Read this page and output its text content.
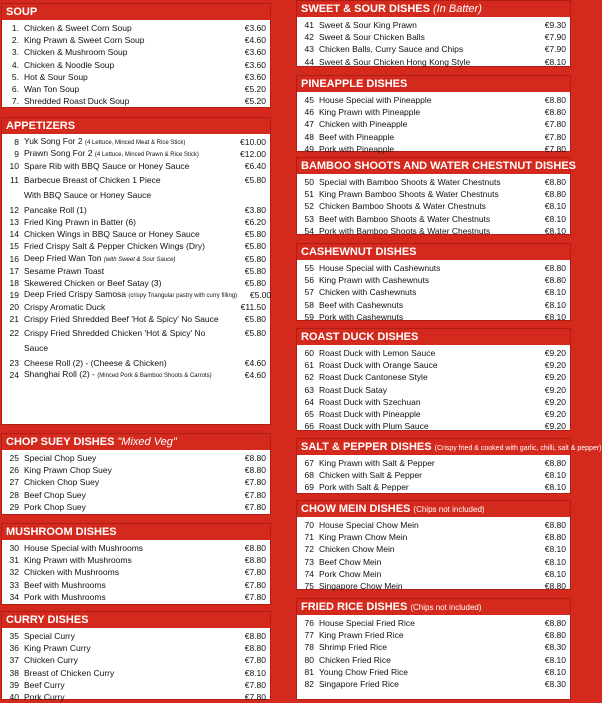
SOUP
1. Chicken & Sweet Corn Soup	€3.60
2. King Prawn & Sweet Corn Soup	€4.60
3. Chicken & Mushroom Soup	€3.60
4. Chicken & Noodle Soup	€3.60
5. Hot & Sour Soup	€3.60
6. Wan Ton Soup	€5.20
7. Shredded Roast Duck Soup	€5.20
APPETIZERS
8 Yuk Song For 2 (4 Lettuce, Minced Meat & Rice Stick)	€10.00
9 Prawn Song For 2 (4 Lettuce, Minced Prawn & Rice Stick)	€12.00
10 Spare Rib with BBQ Sauce or Honey Sauce	€6.40
11 Barbecue Breast of Chicken 1 Piece	€5.80
With BBQ Sauce or Honey Sauce
12 Pancake Roll (1)	€3.80
13 Fried King Prawn in Batter (6)	€6.20
14 Chicken Wings in BBQ Sauce or Honey Sauce	€5.80
15 Fried Crispy Salt & Pepper Chicken Wings (Dry)	€5.80
16 Deep Fried Wan Ton (with Sweet & Sour Sauce)	€5.80
17 Sesame Prawn Toast	€5.80
18 Skewered Chicken or Beef Satay (3)	€5.80
19 Deep Fried Crispy Samosa (crispy Triangular pastry with curry filling)	€5.00
20 Crispy Aromatic Duck	€11.50
21 Crispy Fried Shredded Beef 'Hot & Spicy' No Sauce	€5.80
22 Crispy Fried Shredded Chicken 'Hot & Spicy' No	€5.80
Sauce
23 Cheese Roll (2) - (Cheese & Chicken)	€4.60
24 Shanghai Roll (2) - (Minced Pork & Bamboo Shoots & Carrots)	€4.60
CHOP SUEY DISHES "Mixed Veg"
25 Special Chop Suey	€8.80
26 King Prawn Chop Suey	€8.80
27 Chicken Chop Suey	€7.80
28 Beef Chop Suey	€7.80
29 Pork Chop Suey	€7.80
MUSHROOM DISHES
30 House Special with Mushrooms	€8.80
31 King Prawn with Mushrooms	€8.80
32 Chicken with Mushrooms	€7.80
33 Beef with Mushrooms	€7.80
34 Pork with Mushrooms	€7.80
CURRY DISHES
35 Special Curry	€8.80
36 King Prawn Curry	€8.80
37 Chicken Curry	€7.80
38 Breast of Chicken Curry	€8.10
39 Beef Curry	€7.80
40 Pork Curry	€7.80
SWEET & SOUR DISHES (In Batter)
41 Sweet & Sour King Prawn	€9.30
42 Sweet & Sour Chicken Balls	€7.90
43 Chicken Balls, Curry Sauce and Chips	€7.90
44 Sweet & Sour Chicken Hong Kong Style	€8.10
PINEAPPLE DISHES
45 House Special with Pineapple	€8.80
46 King Prawn with Pineapple	€8.80
47 Chicken with Pineapple	€7.80
48 Beef with Pineapple	€7.80
49 Pork with Pineapple	€7.80
BAMBOO SHOOTS AND WATER CHESTNUT DISHES
50 Special with Bamboo Shoots & Water Chestnuts	€8.80
51 King Prawn Bamboo Shoots & Water Chestnuts	€8.80
52 Chicken Bamboo Shoots & Water Chestnuts	€8.10
53 Beef with Bamboo Shoots & Water Chestnuts	€8.10
54 Pork with Bamboo Shoots & Water Chestnuts	€8.10
CASHEWNUT DISHES
55 House Special with Cashewnuts	€8.80
56 King Prawn with Cashewnuts	€8.80
57 Chicken with Cashewnuts	€8.10
58 Beef with Cashewnuts	€8.10
59 Pork with Cashewnuts	€8.10
ROAST DUCK DISHES
60 Roast Duck with Lemon Sauce	€9.20
61 Roast Duck with Orange Sauce	€9.20
62 Roast Duck Cantonese Style	€9.20
63 Roast Duck Satay	€9.20
64 Roast Duck with Szechuan	€9.20
65 Roast Duck with Pineapple	€9.20
66 Roast Duck with Plum Sauce	€9.20
SALT & PEPPER DISHES (Crispy fried & cooked with garlic, chilli, salt & pepper)
67 King Prawn with Salt & Pepper	€8.80
68 Chicken with Salt & Pepper	€8.10
69 Pork with Salt & Pepper	€8.10
CHOW MEIN DISHES (Chips not included)
70 House Special Chow Mein	€8.80
71 King Prawn Chow Mein	€8.80
72 Chicken Chow Mein	€8.10
73 Beef Chow Mein	€8.10
74 Pork Chow Mein	€8.10
75 Singapore Chow Mein	€8.80
FRIED RICE DISHES (Chips not included)
76 House Special Fried Rice	€8.80
77 King Prawn Fried Rice	€8.80
78 Shrimp Fried Rice	€8.30
80 Chicken Fried Rice	€8.10
81 Young Chow Fried Rice	€8.10
82 Singapore Fried Rice	€8.30
